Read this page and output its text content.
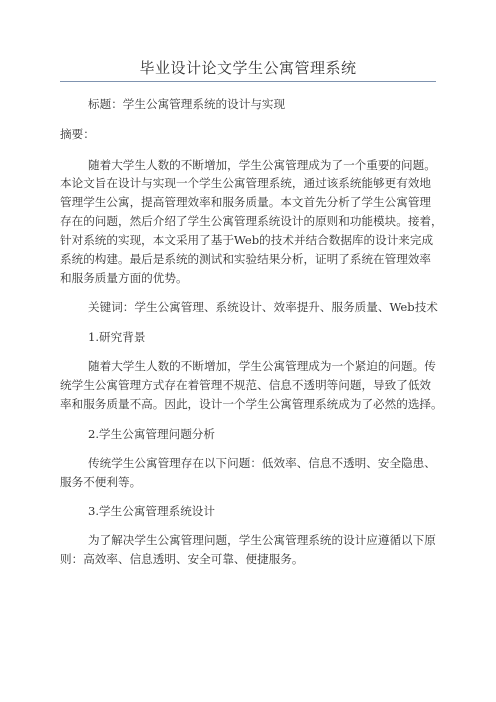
毕业设计论文学生公寓管理系统
标题：学生公寓管理系统的设计与实现
摘要：
随着大学生人数的不断增加，学生公寓管理成为了一个重要的问题。
本论文旨在设计与实现一个学生公寓管理系统，通过该系统能够更有效地
管理学生公寓，提高管理效率和服务质量。本文首先分析了学生公寓管理
存在的问题，然后介绍了学生公寓管理系统设计的原则和功能模块。接着，
针对系统的实现，本文采用了基于Web的技术并结合数据库的设计来完成
系统的构建。最后是系统的测试和实验结果分析，证明了系统在管理效率
和服务质量方面的优势。
关键词：学生公寓管理、系统设计、效率提升、服务质量、Web技术
1.研究背景
随着大学生人数的不断增加，学生公寓管理成为一个紧迫的问题。传
统学生公寓管理方式存在着管理不规范、信息不透明等问题，导致了低效
率和服务质量不高。因此，设计一个学生公寓管理系统成为了必然的选择。
2.学生公寓管理问题分析
传统学生公寓管理存在以下问题：低效率、信息不透明、安全隐患、
服务不便利等。
3.学生公寓管理系统设计
为了解决学生公寓管理问题，学生公寓管理系统的设计应遵循以下原
则：高效率、信息透明、安全可靠、便捷服务。
